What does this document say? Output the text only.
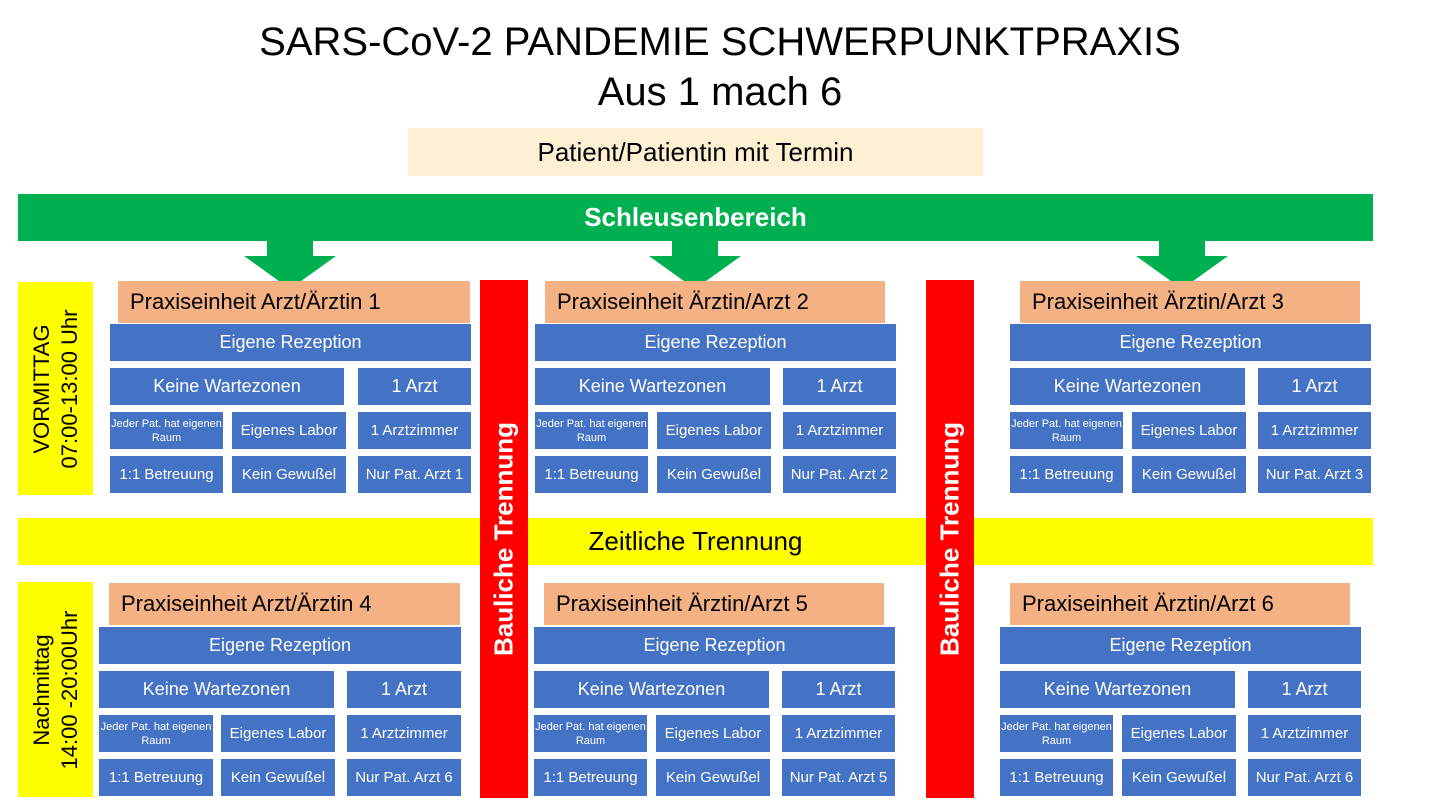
SARS-CoV-2 PANDEMIE SCHWERPUNKTPRAXIS
Aus 1 mach 6
Patient/Patientin mit Termin
Schleusenbereich
VORMITTAG 07:00-13:00 Uhr
Nachmittag 14:00 -20:00Uhr
Zeitliche Trennung
Bauliche Trennung	Bauliche Trennung
Praxiseinheit Arzt/Ärztin 1
Eigene Rezeption
Keine Wartezonen	1 Arzt
Jeder Pat. hat eigenen Raum	Eigenes Labor	1 Arztzimmer
1:1 Betreuung	Kein Gewußel	Nur Pat. Arzt 1
Praxiseinheit Ärztin/Arzt 2
Eigene Rezeption
Keine Wartezonen	1 Arzt
Jeder Pat. hat eigenen Raum	Eigenes Labor	1 Arztzimmer
1:1 Betreuung	Kein Gewußel	Nur Pat. Arzt 2
Praxiseinheit Ärztin/Arzt 3
Eigene Rezeption
Keine Wartezonen	1 Arzt
Jeder Pat. hat eigenen Raum	Eigenes Labor	1 Arztzimmer
1:1 Betreuung	Kein Gewußel	Nur Pat. Arzt 3
Praxiseinheit Arzt/Ärztin 4
Eigene Rezeption
Keine Wartezonen	1 Arzt
Jeder Pat. hat eigenen Raum	Eigenes Labor	1 Arztzimmer
1:1 Betreuung	Kein Gewußel	Nur Pat. Arzt 6
Praxiseinheit Ärztin/Arzt 5
Eigene Rezeption
Keine Wartezonen	1 Arzt
Jeder Pat. hat eigenen Raum	Eigenes Labor	1 Arztzimmer
1:1 Betreuung	Kein Gewußel	Nur Pat. Arzt 5
Praxiseinheit Ärztin/Arzt 6
Eigene Rezeption
Keine Wartezonen	1 Arzt
Jeder Pat. hat eigenen Raum	Eigenes Labor	1 Arztzimmer
1:1 Betreuung	Kein Gewußel	Nur Pat. Arzt 6
